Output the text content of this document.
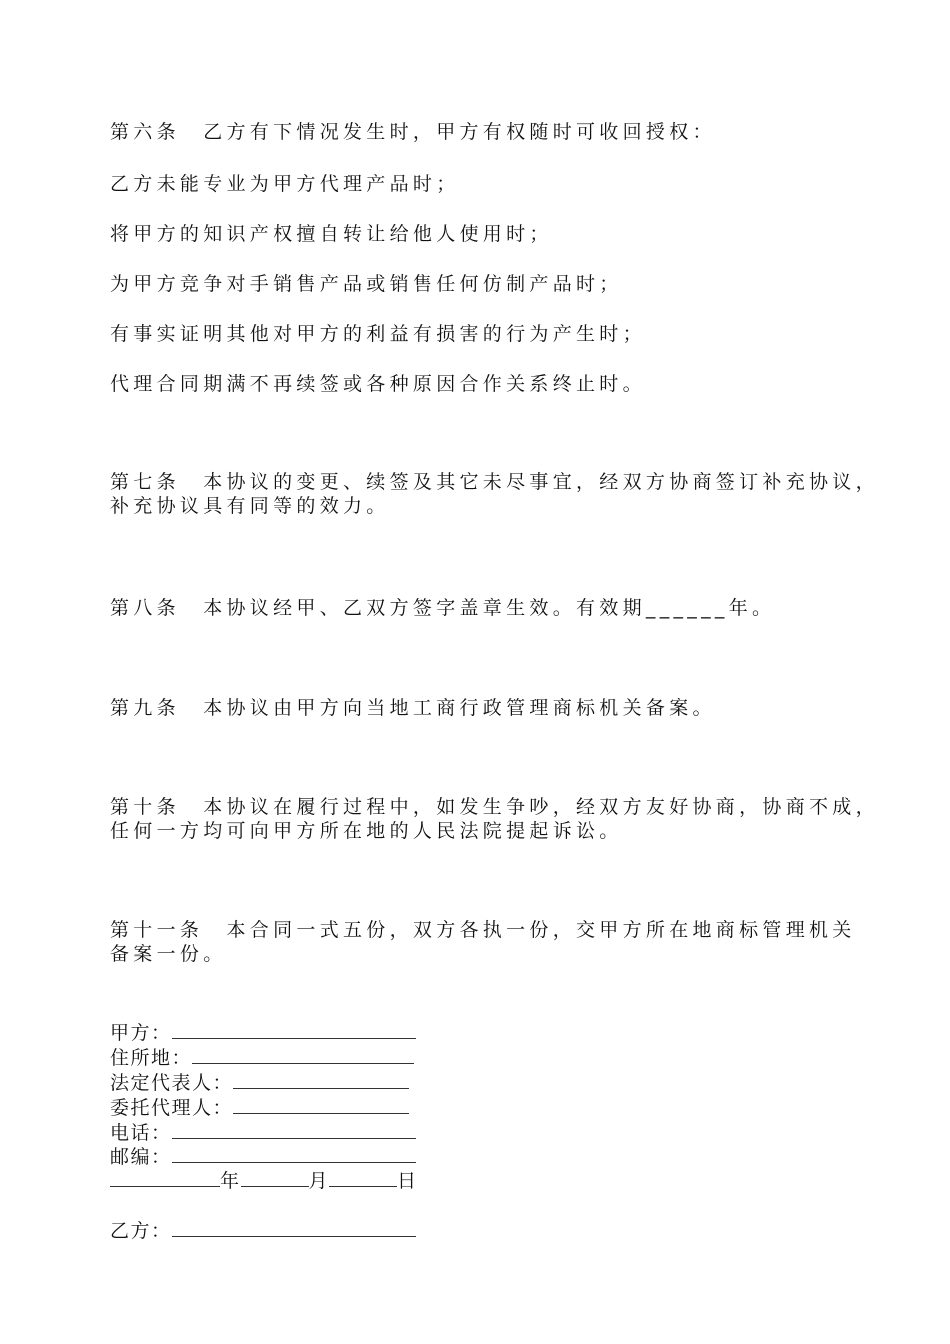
第六条　乙方有下情况发生时，甲方有权随时可收回授权：

乙方未能专业为甲方代理产品时；

将甲方的知识产权擅自转让给他人使用时；

为甲方竞争对手销售产品或销售任何仿制产品时；

有事实证明其他对甲方的利益有损害的行为产生时；

代理合同期满不再续签或各种原因合作关系终止时。

第七条　本协议的变更、续签及其它未尽事宜，经双方协商签订补充协议，
补充协议具有同等的效力。

第八条　本协议经甲、乙双方签字盖章生效。有效期______年。

第九条　本协议由甲方向当地工商行政管理商标机关备案。

第十条　本协议在履行过程中，如发生争吵，经双方友好协商，协商不成，
任何一方均可向甲方所在地的人民法院提起诉讼。
第十一条　本合同一式五份，双方各执一份，交甲方所在地商标管理机关
备案一份。
甲方：
住所地：
法定代表人：
委托代理人：
电话：
邮编：
年	月	日
乙方：
